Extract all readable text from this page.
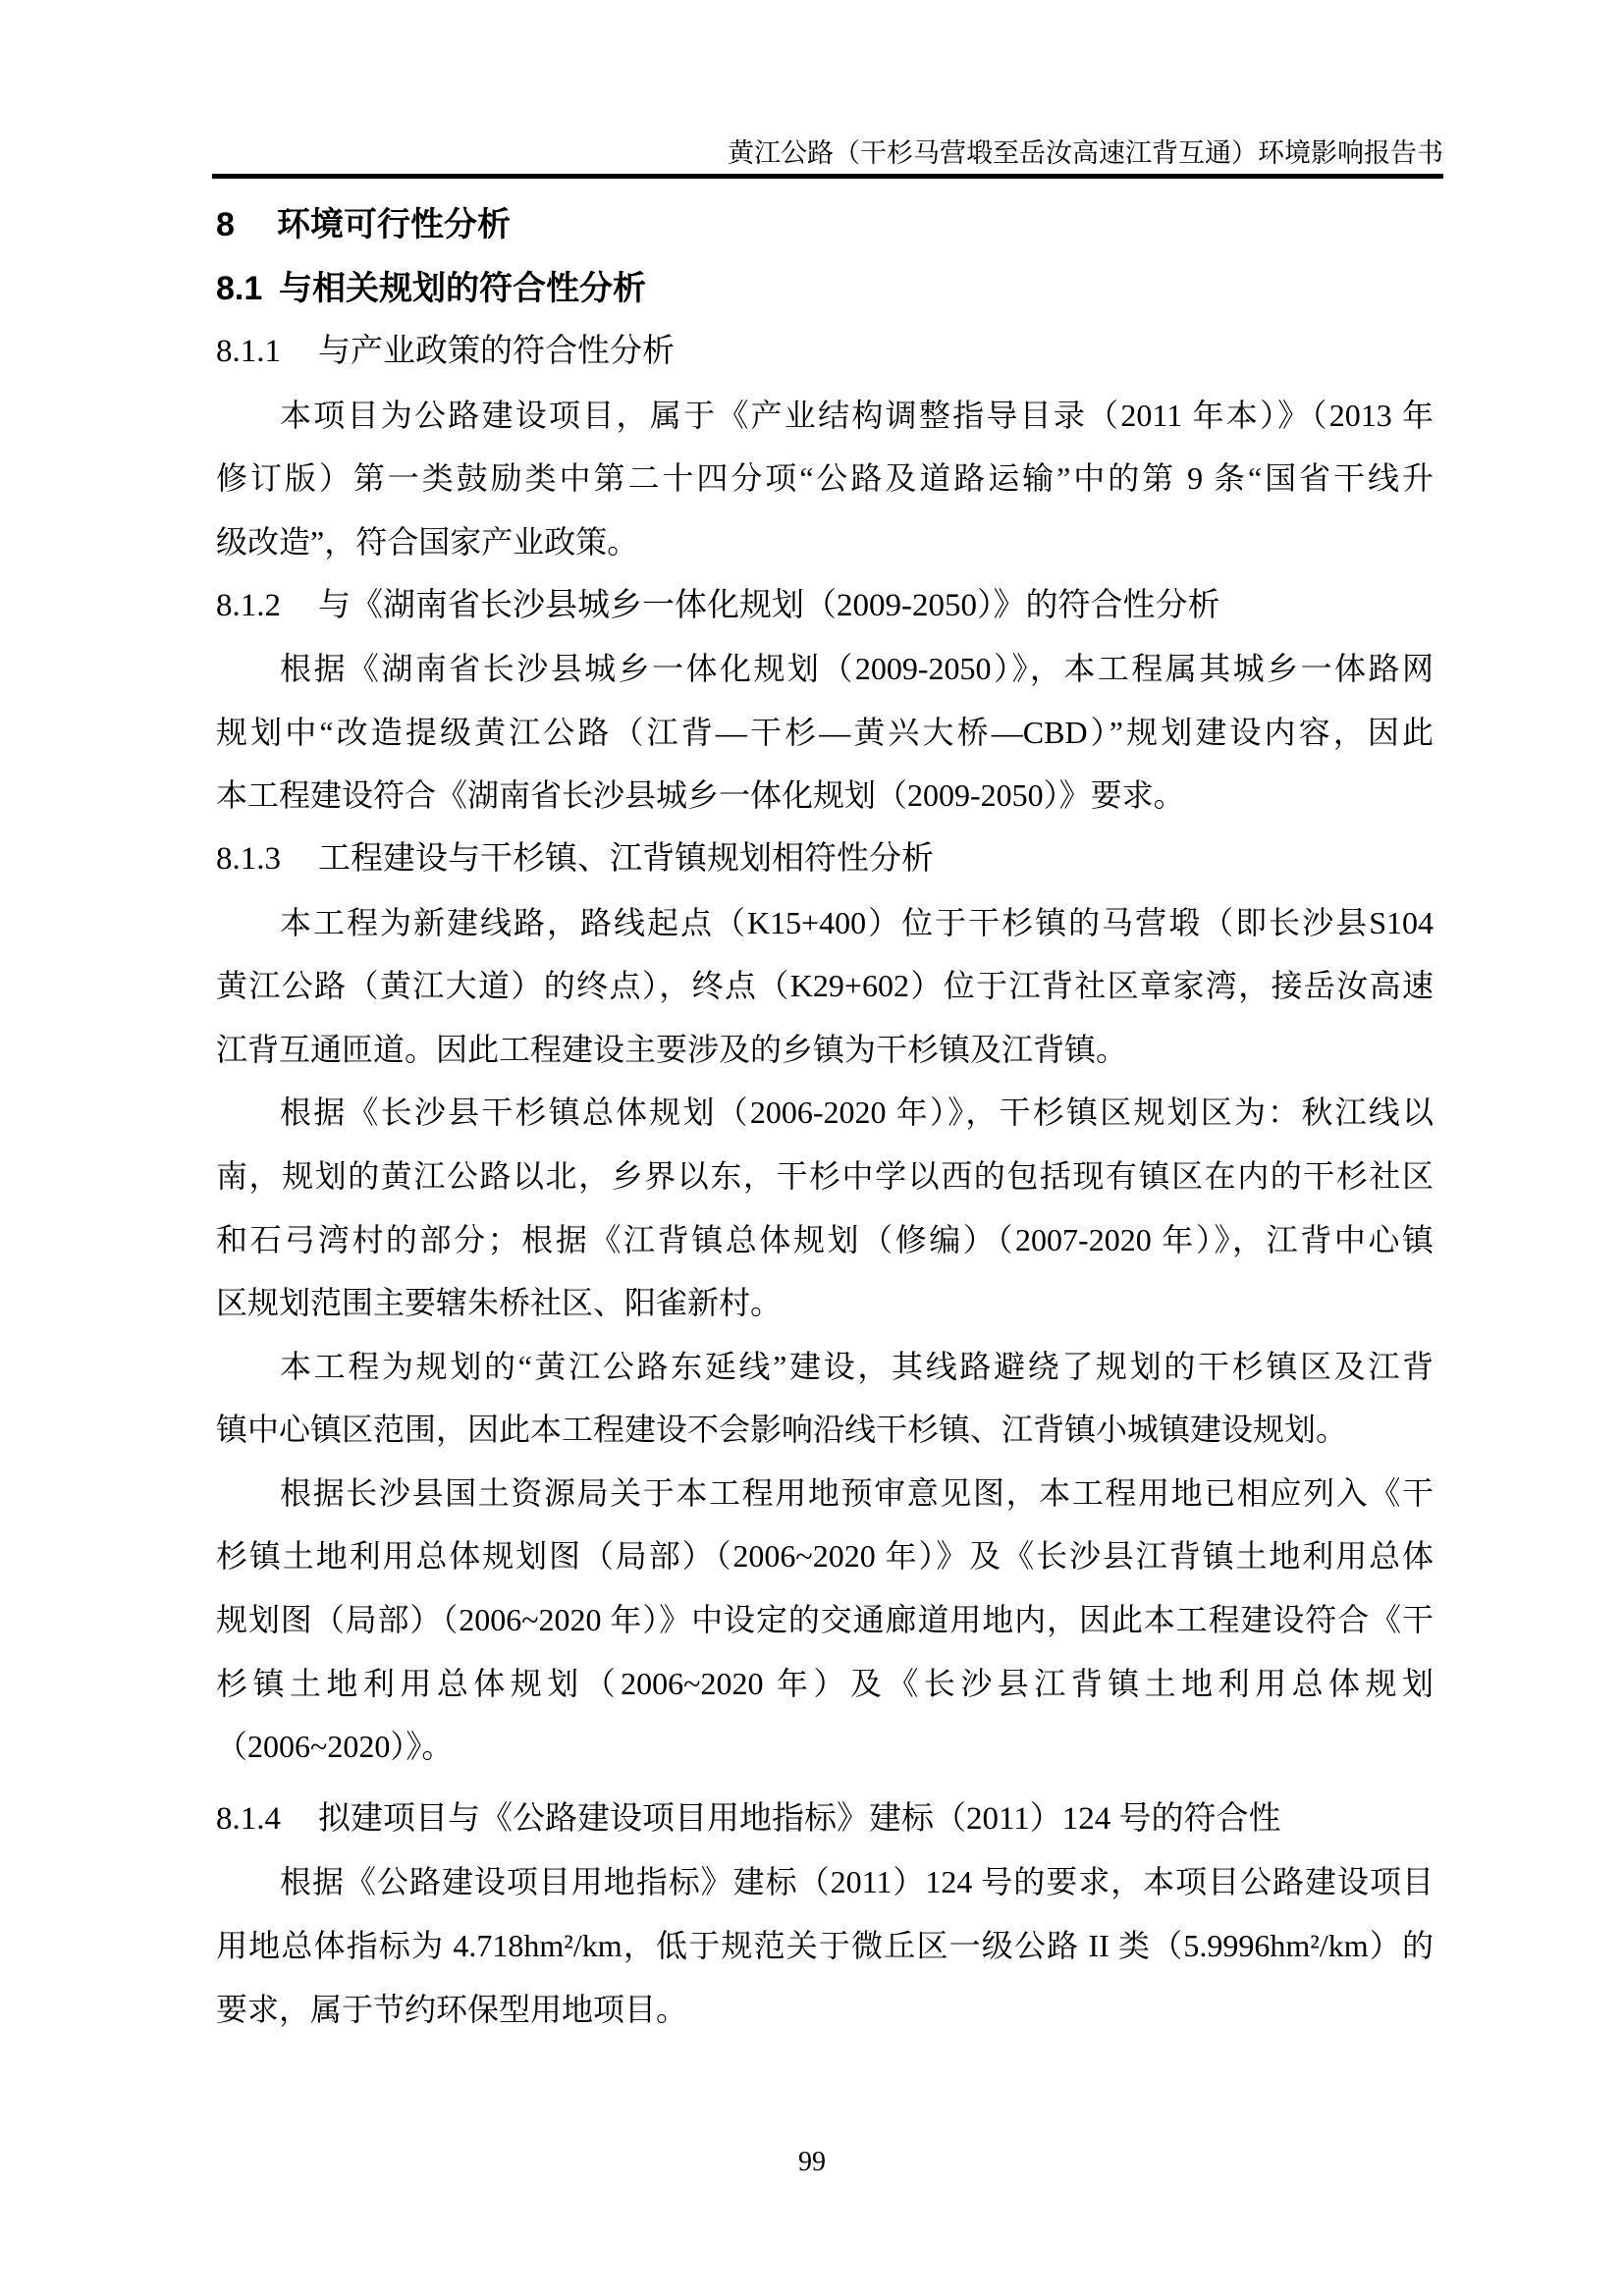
黄江公路（干杉马营塅至岳汝高速江背互通）环境影响报告书
8 环境可行性分析
8.1 与相关规划的符合性分析
8.1.1 与产业政策的符合性分析
本项目为公路建设项目，属于《产业结构调整指导目录（2011 年本）》（2013 年
修订版）第一类鼓励类中第二十四分项“公路及道路运输”中的第 9 条“国省干线升
级改造”，符合国家产业政策。
8.1.2 与《湖南省长沙县城乡一体化规划（2009-2050）》的符合性分析
根据《湖南省长沙县城乡一体化规划（2009-2050）》，本工程属其城乡一体路网
规划中“改造提级黄江公路（江背—干杉—黄兴大桥—CBD）”规划建设内容，因此
本工程建设符合《湖南省长沙县城乡一体化规划（2009-2050）》要求。
8.1.3 工程建设与干杉镇、江背镇规划相符性分析
本工程为新建线路，路线起点（K15+400）位于干杉镇的马营塅（即长沙县S104
黄江公路（黄江大道）的终点），终点（K29+602）位于江背社区章家湾，接岳汝高速
江背互通匝道。因此工程建设主要涉及的乡镇为干杉镇及江背镇。
根据《长沙县干杉镇总体规划（2006-2020 年）》，干杉镇区规划区为：秋江线以
南，规划的黄江公路以北，乡界以东，干杉中学以西的包括现有镇区在内的干杉社区
和石弓湾村的部分；根据《江背镇总体规划（修编）（2007-2020 年）》，江背中心镇
区规划范围主要辖朱桥社区、阳雀新村。
本工程为规划的“黄江公路东延线”建设，其线路避绕了规划的干杉镇区及江背
镇中心镇区范围，因此本工程建设不会影响沿线干杉镇、江背镇小城镇建设规划。
根据长沙县国土资源局关于本工程用地预审意见图，本工程用地已相应列入《干
杉镇土地利用总体规划图（局部）（2006~2020 年）》及《长沙县江背镇土地利用总体
规划图（局部）（2006~2020 年）》中设定的交通廊道用地内，因此本工程建设符合《干
杉镇土地利用总体规划（2006~2020 年）及《长沙县江背镇土地利用总体规划
（2006~2020）》。
8.1.4 拟建项目与《公路建设项目用地指标》建标（2011）124 号的符合性
根据《公路建设项目用地指标》建标（2011）124 号的要求，本项目公路建设项目
用地总体指标为 4.718hm²/km，低于规范关于微丘区一级公路 II 类（5.9996hm²/km）的
要求，属于节约环保型用地项目。
99
